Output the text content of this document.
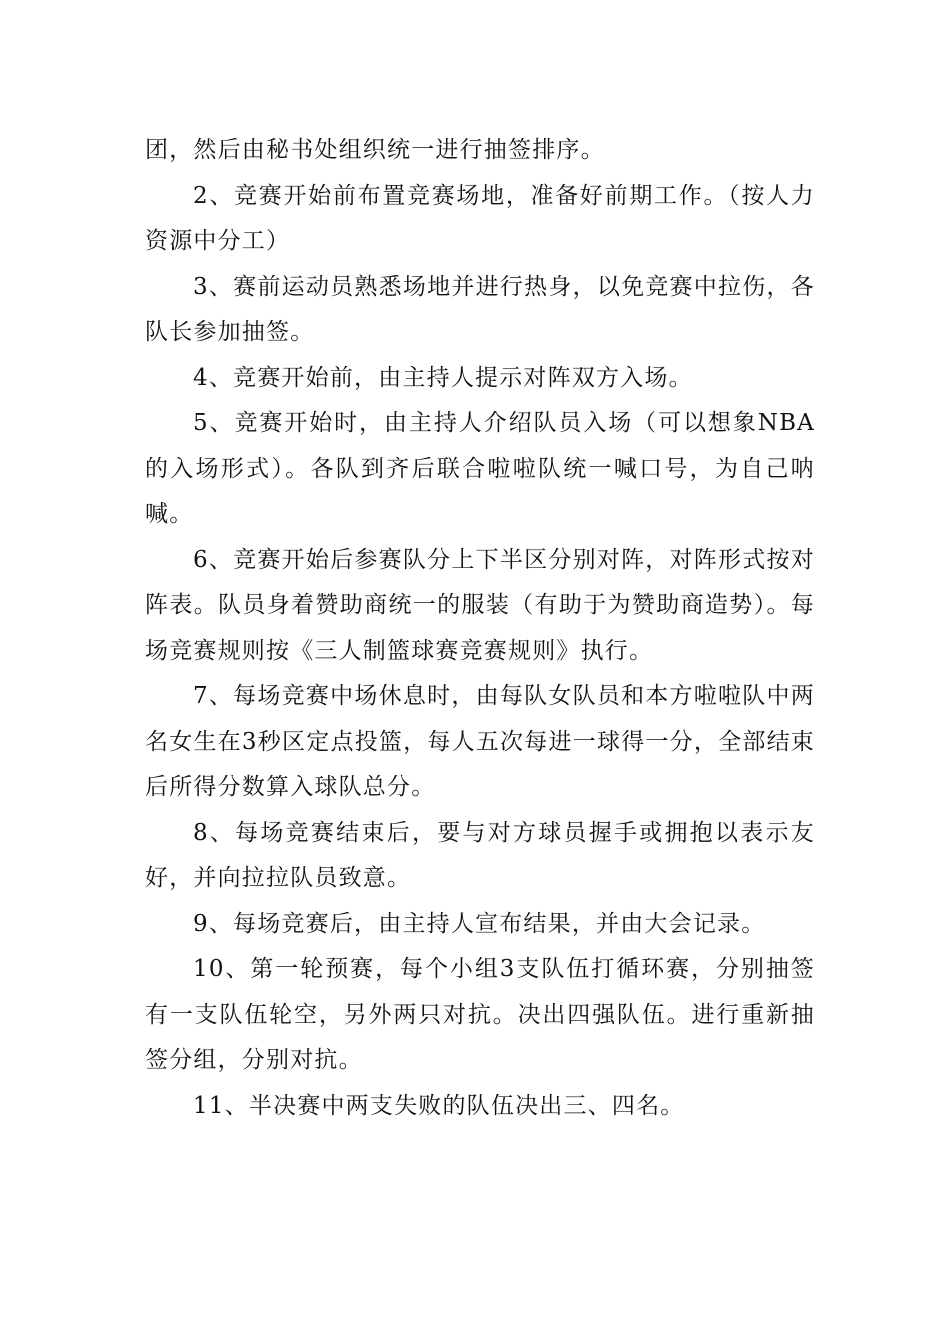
团，然后由秘书处组织统一进行抽签排序。

2、竞赛开始前布置竞赛场地，准备好前期工作。（按人力资源中分工）

3、赛前运动员熟悉场地并进行热身，以免竞赛中拉伤，各队长参加抽签。

4、竞赛开始前，由主持人提示对阵双方入场。

5、竞赛开始时，由主持人介绍队员入场（可以想象NBA的入场形式）。各队到齐后联合啦啦队统一喊口号，为自己呐喊。

6、竞赛开始后参赛队分上下半区分别对阵，对阵形式按对阵表。队员身着赞助商统一的服装（有助于为赞助商造势）。每场竞赛规则按《三人制篮球赛竞赛规则》执行。

7、每场竞赛中场休息时，由每队女队员和本方啦啦队中两名女生在3秒区定点投篮，每人五次每进一球得一分，全部结束后所得分数算入球队总分。

8、每场竞赛结束后，要与对方球员握手或拥抱以表示友好，并向拉拉队员致意。

9、每场竞赛后，由主持人宣布结果，并由大会记录。

10、第一轮预赛，每个小组3支队伍打循环赛，分别抽签有一支队伍轮空，另外两只对抗。决出四强队伍。进行重新抽签分组，分别对抗。

11、半决赛中两支失败的队伍决出三、四名。
